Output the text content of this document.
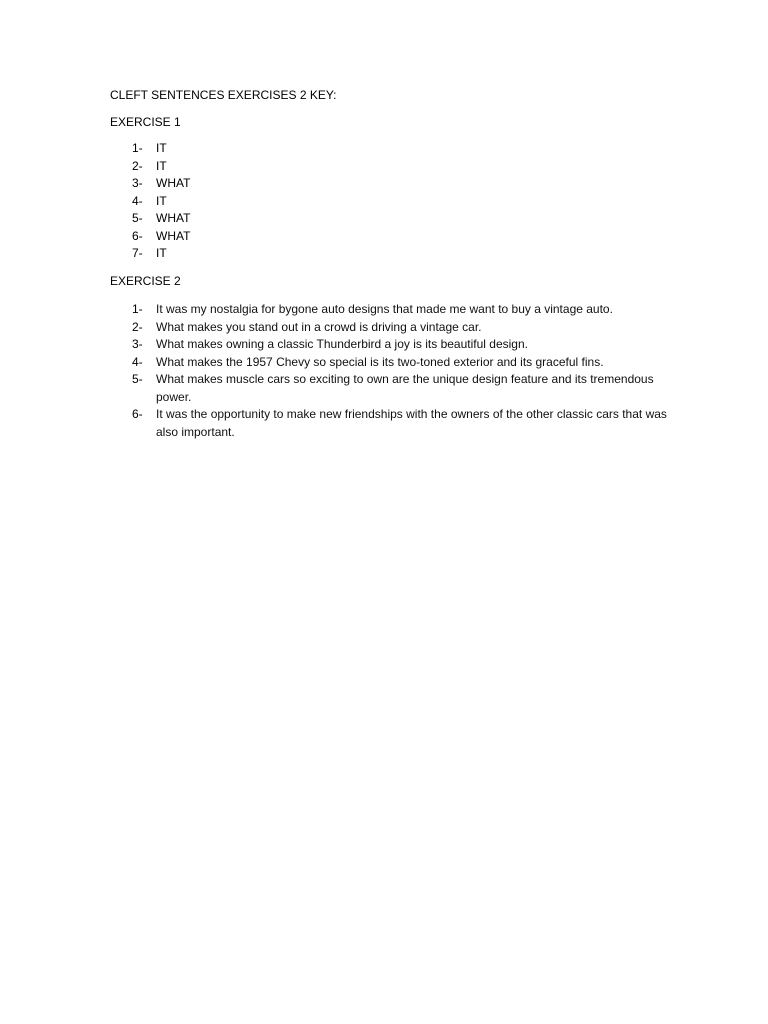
CLEFT SENTENCES EXERCISES 2 KEY:
EXERCISE 1
1-	IT
2-	IT
3-	WHAT
4-	IT
5-	WHAT
6-	WHAT
7-	IT
EXERCISE 2
1-	It was my nostalgia for bygone auto designs that made me want to buy a vintage auto.
2-	What makes you stand out in a crowd is driving a vintage car.
3-	What makes owning a classic Thunderbird a joy is its beautiful design.
4-	What makes the 1957 Chevy so special is its two-toned exterior and its graceful fins.
5-	What makes muscle cars so exciting to own are the unique design feature and its tremendous power.
6-	It was the opportunity to make new friendships with the owners of the other classic cars that was also important.
